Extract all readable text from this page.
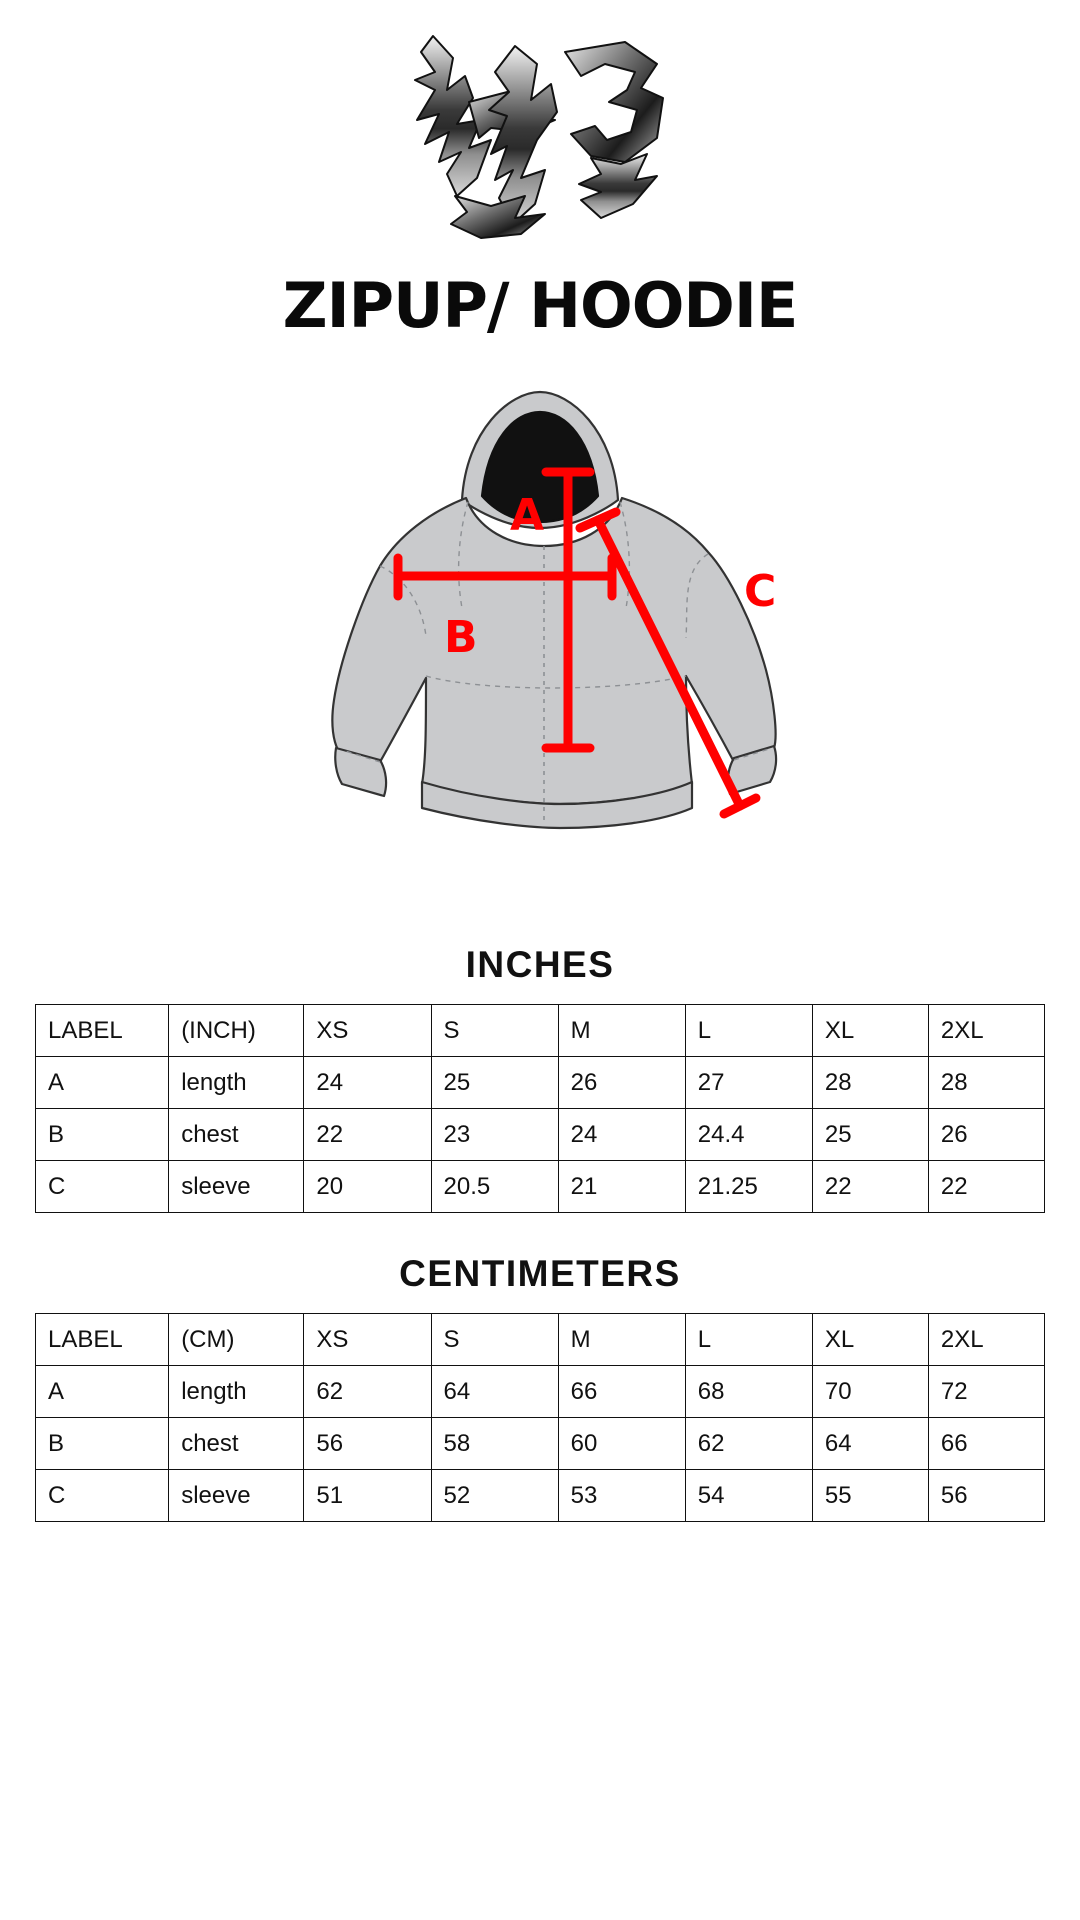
ZIPUP/ HOODIE
A
B
C
INCHES
LABEL	(INCH)	XS	S	M	L	XL	2XL
A	length	24	25	26	27	28	28
B	chest	22	23	24	24.4	25	26
C	sleeve	20	20.5	21	21.25	22	22
CENTIMETERS
LABEL	(CM)	XS	S	M	L	XL	2XL
A	length	62	64	66	68	70	72
B	chest	56	58	60	62	64	66
C	sleeve	51	52	53	54	55	56
